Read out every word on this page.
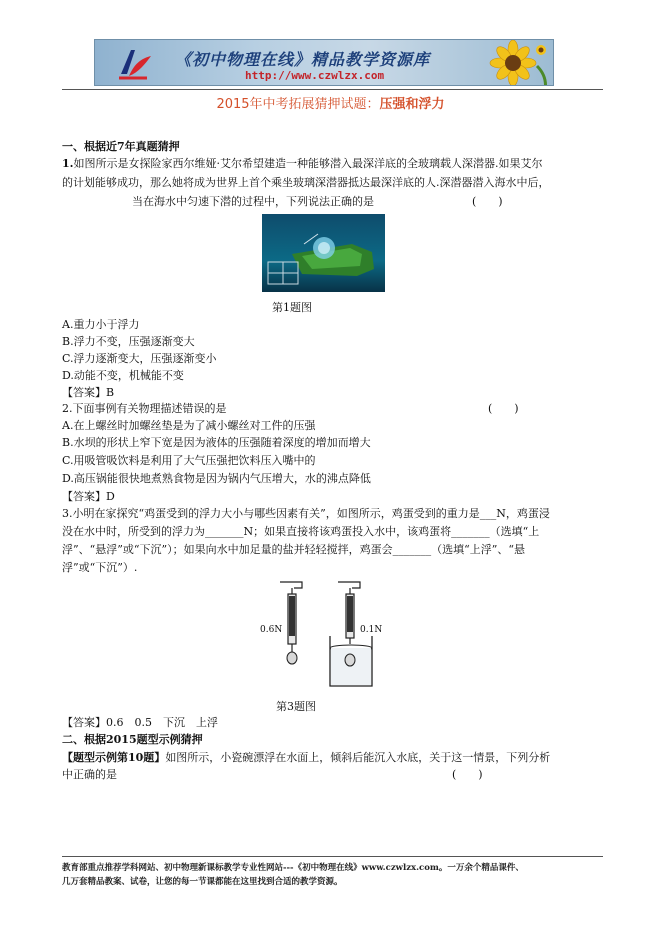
《初中物理在线》精品教学资源库
http://www.czwlzx.com
2015年中考拓展猜押试题：压强和浮力
一、根据近7年真题猜押
1.如图所示是女探险家西尔维娅·艾尔希望建造一种能够潜入最深洋底的全玻璃载人深潜器.如果艾尔
的计划能够成功，那么她将成为世界上首个乘坐玻璃深潜器抵达最深洋底的人.深潜器潜入海水中后，
当在海水中匀速下潜的过程中，下列说法正确的是	(　　)
第1题图
A.重力小于浮力
B.浮力不变，压强逐渐变大
C.浮力逐渐变大，压强逐渐变小
D.动能不变，机械能不变
【答案】B
2.下面事例有关物理描述错误的是	(　　)
A.在上螺丝时加螺丝垫是为了减小螺丝对工件的压强
B.水坝的形状上窄下宽是因为液体的压强随着深度的增加而增大
C.用吸管吸饮料是利用了大气压强把饮料压入嘴中的
D.高压锅能很快地煮熟食物是因为锅内气压增大，水的沸点降低
【答案】D
3.小明在家探究“鸡蛋受到的浮力大小与哪些因素有关”，如图所示，鸡蛋受到的重力是___N，鸡蛋浸
没在水中时，所受到的浮力为_______N；如果直接将该鸡蛋投入水中，该鸡蛋将_______（选填“上
浮”、“悬浮”或“下沉”）；如果向水中加足量的盐并轻轻搅拌，鸡蛋会_______（选填“上浮”、“悬
浮”或“下沉”）.
0.6N	0.1N
第3题图
【答案】0.6　0.5　下沉　上浮
二、根据2015题型示例猜押
【题型示例第10题】如图所示，小瓷碗漂浮在水面上，倾斜后能沉入水底，关于这一情景，下列分析
中正确的是	(　　)
教育部重点推荐学科网站、初中物理新课标教学专业性网站---《初中物理在线》www.czwlzx.com。一万余个精品课件、
几万套精品教案、试卷，让您的每一节课都能在这里找到合适的教学资源。
